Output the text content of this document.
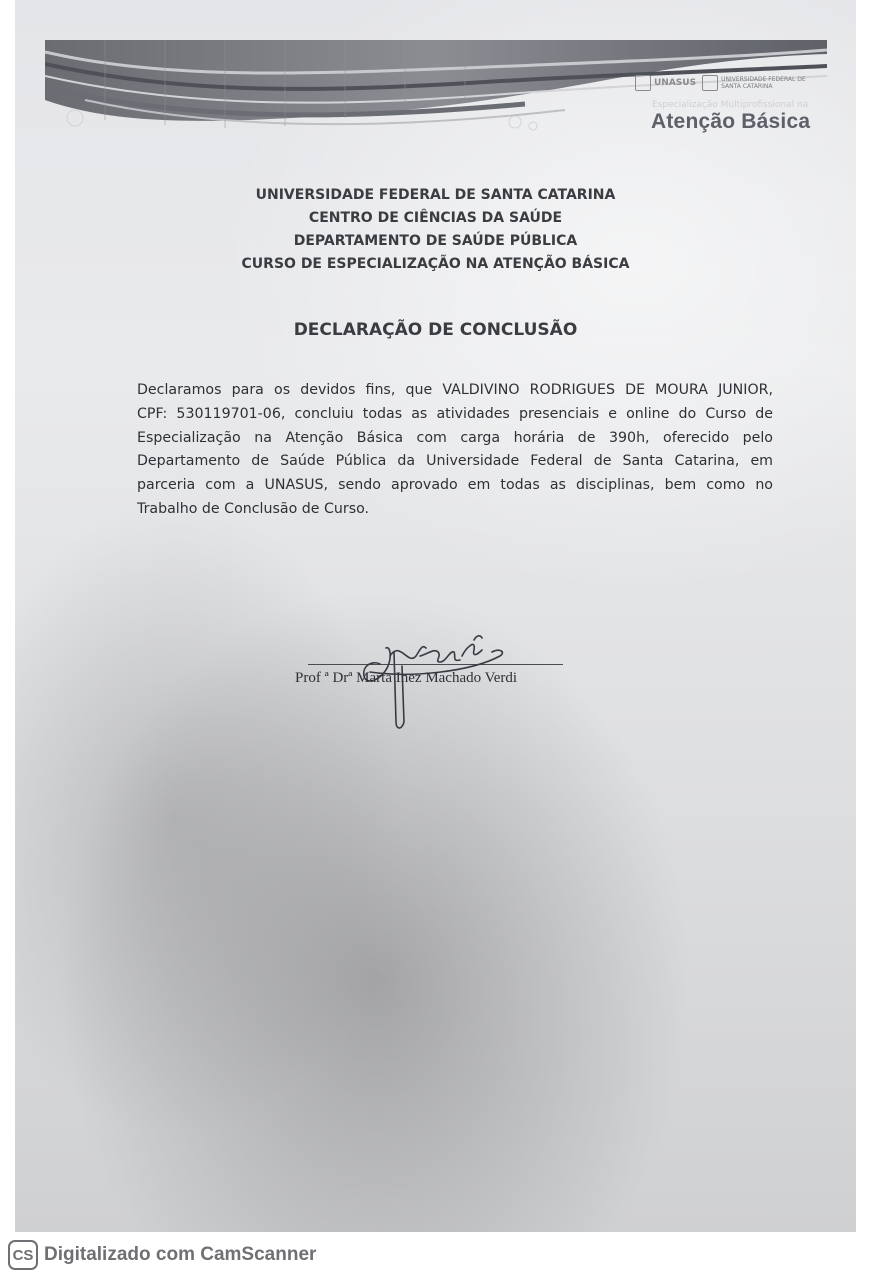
UNASUS	UNIVERSIDADE FEDERAL DE SANTA CATARINA
Especialização Multiprofissional na
Atenção Básica
UNIVERSIDADE FEDERAL DE SANTA CATARINA
CENTRO DE CIÊNCIAS DA SAÚDE
DEPARTAMENTO DE SAÚDE PÚBLICA
CURSO DE ESPECIALIZAÇÃO NA ATENÇÃO BÁSICA
DECLARAÇÃO DE CONCLUSÃO
Declaramos para os devidos fins, que VALDIVINO RODRIGUES DE MOURA JUNIOR,
CPF: 530119701-06, concluiu todas as atividades presenciais e online do Curso de
Especialização na Atenção Básica com carga horária de 390h, oferecido pelo
Departamento de Saúde Pública da Universidade Federal de Santa Catarina, em
parceria com a UNASUS, sendo aprovado em todas as disciplinas, bem como no
Trabalho de Conclusão de Curso.
Prof ª Drª Marta Inez Machado Verdi
CS Digitalizado com CamScanner
